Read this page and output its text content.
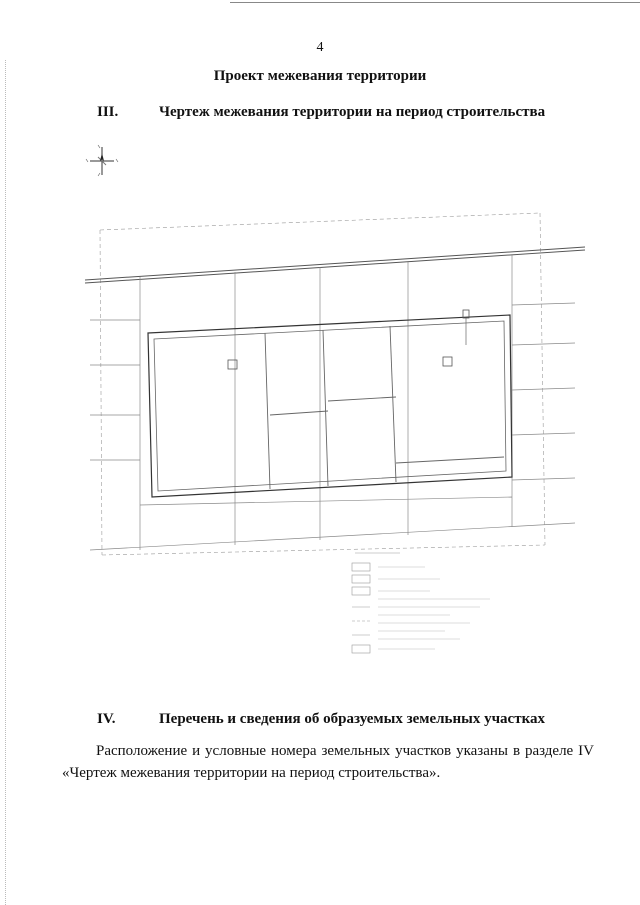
4
Проект межевания территории
III.	Чертеж межевания территории на период строительства
IV.	Перечень и сведения об образуемых земельных участках
Расположение и условные номера земельных участков указаны в разделе IV «Чертеж межевания территории на период строительства».
